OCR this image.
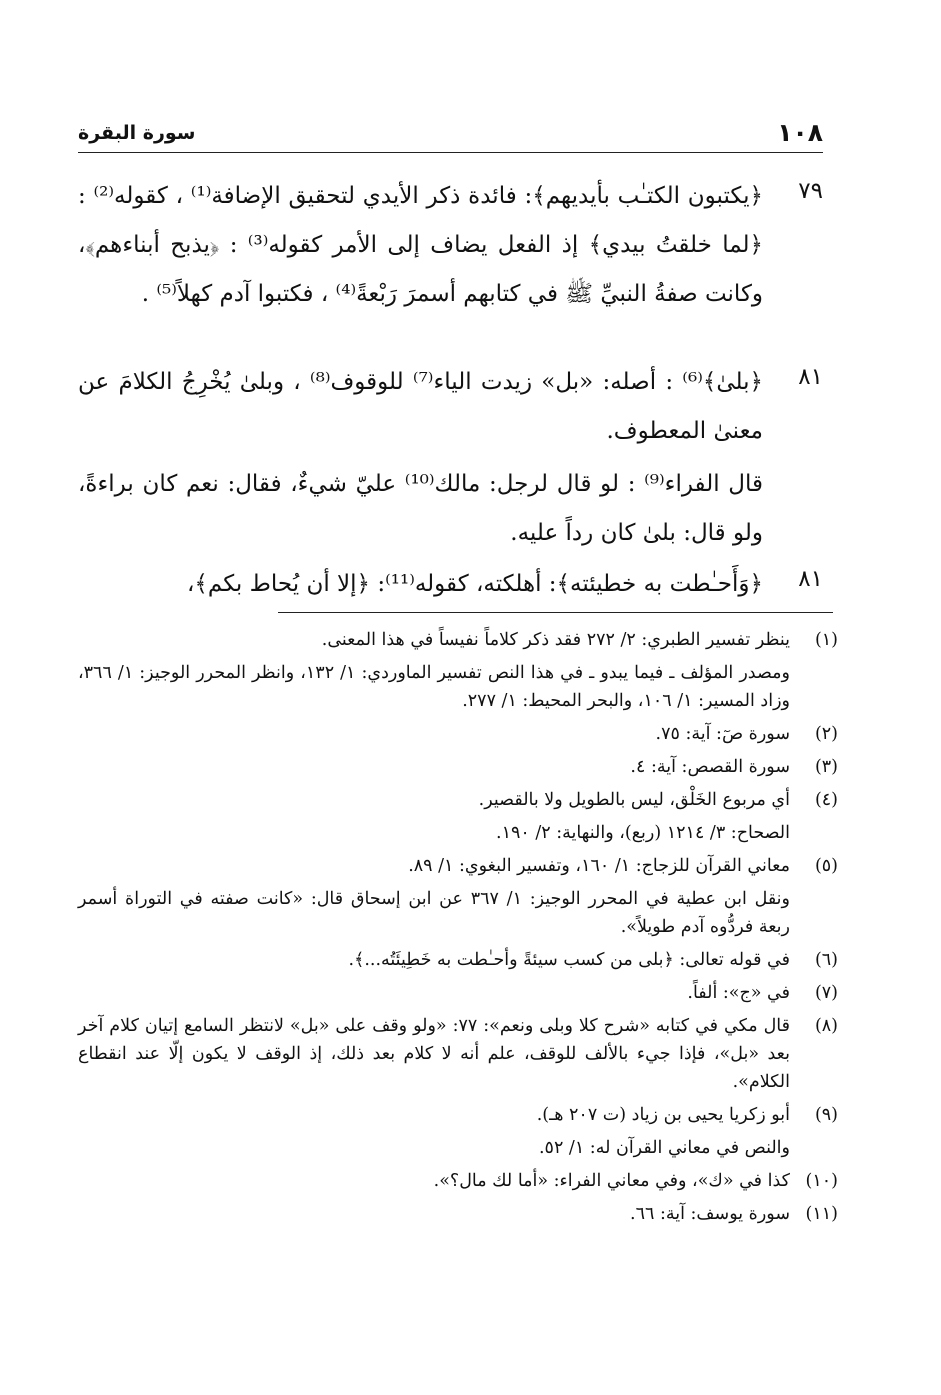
١٠٨
سورة البقرة
٧٩
﴿يكتبون الكتـٰب بأيديهم﴾: فائدة ذكر الأيدي لتحقيق الإضافة⁽¹⁾ ، كقوله⁽²⁾ : ﴿لما خلقتُ بيدي﴾ إذ الفعل يضاف إلى الأمر كقوله⁽³⁾ : ﴿يذبح أبناءهم﴾، وكانت صفةُ النبيِّ ﷺ في كتابهم أسمرَ رَبْعةً⁽⁴⁾ ، فكتبوا آدم كهلاً⁽⁵⁾ .
٨١
﴿بلىٰ﴾⁽⁶⁾ : أصله: «بل» زيدت الياء⁽⁷⁾ للوقوف⁽⁸⁾ ، وبلىٰ يُخْرِجُ الكلامَ عن معنىٰ المعطوف.
قال الفراء⁽⁹⁾ : لو قال لرجل: مالك⁽¹⁰⁾ عليّ شيءٌ، فقال: نعم كان براءةً، ولو قال: بلىٰ كان رداً عليه.
٨١
﴿وَأَحـٰطت به خطيئته﴾: أهلكته، كقوله⁽¹¹⁾: ﴿إلا أن يُحاط بكم﴾،
(١)
ينظر تفسير الطبري: ٢/ ٢٧٢ فقد ذكر كلاماً نفيساً في هذا المعنى.
ومصدر المؤلف ـ فيما يبدو ـ في هذا النص تفسير الماوردي: ١/ ١٣٢، وانظر المحرر الوجيز: ١/ ٣٦٦، وزاد المسير: ١/ ١٠٦، والبحر المحيط: ١/ ٢٧٧.
(٢)
سورة صٓ: آية: ٧٥.
(٣)
سورة القصص: آية: ٤.
(٤)
أي مربوع الخَلْق، ليس بالطويل ولا بالقصير.
الصحاح: ٣/ ١٢١٤ (ربع)، والنهاية: ٢/ ١٩٠.
(٥)
معاني القرآن للزجاج: ١/ ١٦٠، وتفسير البغوي: ١/ ٨٩.
ونقل ابن عطية في المحرر الوجيز: ١/ ٣٦٧ عن ابن إسحاق قال: «كانت صفته في التوراة أسمر ربعة فردُّوه آدم طويلاً».
(٦)
في قوله تعالى: ﴿بلى من كسب سيئةً وأحـٰطت به خَطِيئَتُه...﴾.
(٧)
في «ج»: ألفاً.
(٨)
قال مكي في كتابه «شرح كلا وبلى ونعم»: ٧٧: «ولو وقف على «بل» لانتظر السامع إتيان كلام آخر بعد «بل»، فإذا جيء بالألف للوقف، علم أنه لا كلام بعد ذلك، إذ الوقف لا يكون إلّا عند انقطاع الكلام».
(٩)
أبو زكريا يحيى بن زياد (ت ٢٠٧ هـ).
والنص في معاني القرآن له: ١/ ٥٢.
(١٠)
كذا في «ك»، وفي معاني الفراء: «أما لك مال؟».
(١١)
سورة يوسف: آية: ٦٦.
